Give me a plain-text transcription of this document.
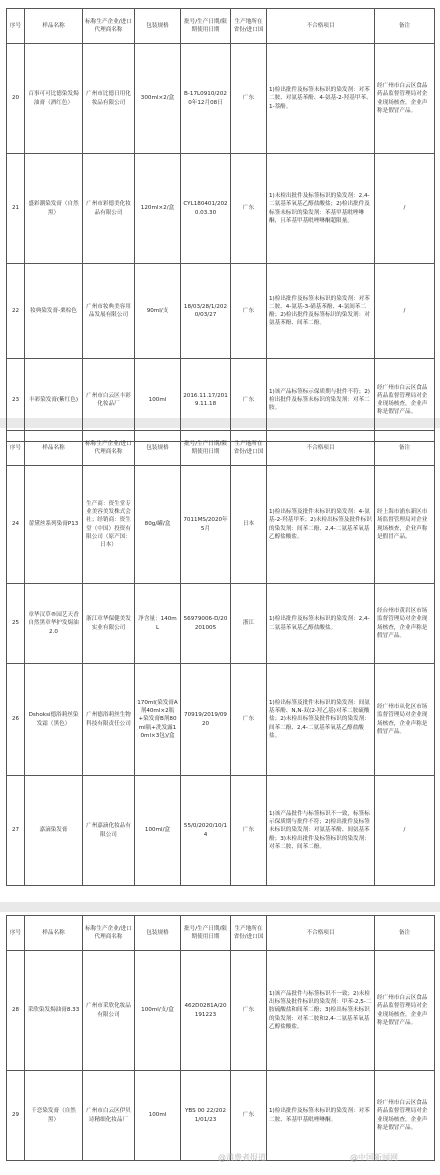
序号	样品名称	标称生产企业/进口代理商名称	包装规格	批号/生产日期/限期使用日期	生产地所在省份/进口国	不合格项目	备注
20	百事可可比德染发焗油膏（酒红色）	广州市比德日用化妆品有限公司	300ml×2/盒	B-17L0910/2020年12月08日	广东	1)检出批件及标签未标识的染发剂：对苯二胺、对氨基苯酚、4-氨基-2-羟基甲苯、1-萘酚。	经广州市白云区食品药品监督管理局对企业现场核查，企业声称是假冒产品。
21	盛彩潮染发膏（自然黑）	广州市彩德美化妆品有限公司	120ml×2/盒	CYL180401/2020.03.30	广东	1)未检出批件及标签标识的染发剂：2,4-二氨基苯氧基乙醇盐酸盐；2)检出批件及标签未标识的染发剂：苯基甲基吡唑啉酮，且苯基甲基吡唑啉酮超限量。	/
22	妆典染发膏-栗棕色	广州市妆典美容用品发展有限公司	90ml/支	18/03/28/1/2020/03/27	广东	1)检出批件及标签未标识的染发剂：对苯二胺、4-氨基-3-硝基苯酚、4-氯间苯二酚；2)检出批件及标签标识的染发剂：对氨基苯酚、间苯二酚。	/
23	丰彩染发膏(紫红色)	广州市白云区丰彩化妆品厂	100ml	2016.11.17/2019.11.18	广东	1)该产品标签标示保质期与批件不符；2)检出批件及标签未标识的染发剂：对苯二胺。	经广州市白云区食品药品监督管理局对企业现场核查，企业声称是假冒产品。
序号	样品名称	标称生产企业/进口代理商名称	包装规格	批号/生产日期/限期使用日期	生产地所在省份/进口国	不合格项目	备注
24	蕾黛丝系列染膏P13	生产商：资生堂专业美容美发株式会社；经销商：资生堂（中国）投资有限公司（原产国：日本）	80g/罐/盒	7011MS/2020年5月	日本	1)检出标签及批件未标识的染发剂：4-氨基-2-羟基甲苯；2)未检出标签及批件标识的染发剂：间苯二酚、2,4-二氨基苯氧基乙醇盐酸盐。	经上海市浦东新区市场监督管理局对企业现场核查，企业声称是假冒产品。
25	章华汉草®园艺天香自然黑章华护发焗油2.0	浙江章华保健美发实业有限公司	净含量：140mL	56979006-D/20201005	浙江	1)检出批件及标签未标识的染发剂：2,4-二氨基苯氧基乙醇盐酸盐。	经台州市黄岩区市场监督管理局对企业现场核查，企业声称是假冒产品。
26	Dshoksi德浴莉丝染发霜（黑色）	广州德浴莉丝生物科技有限责任公司	170ml(染发膏A剂40ml×2瓶+染发膏B剂80ml瓶+洗发露10ml×3包)/盒	70919/2019/0920	广东	1)检出标签及批件未标识的染发剂：间氨基苯酚、N,N-双(2-羟乙基)对苯二胺硫酸盐；2)未检出标签及批件标识的染发剂：间苯二酚、2,4-二氨基苯氧基乙醇盐酸盐。	经广州市从化区市场监督管理局对企业现场核查，企业声称是假冒产品。
27	嘉滴染发膏	广州嘉滴化妆品有限公司	100ml/盒	55/0/2020/10/14	广东	1)该产品批件与标签标识不一致，标签标示保质期与批件不符；2)检出批件及标签未标识的染发剂：对氨基苯酚、间氨基苯酚；3)未检出批件及标签标识的染发剂：对苯二胺、间苯二酚。	/
序号	样品名称	标称生产企业/进口代理商名称	包装规格	批号/生产日期/限期使用日期	生产地所在省份/进口国	不合格项目	备注
28	采欣染发焗油膏8.33	广州市采欣化妆品有限公司	100ml/支/盒	462D0281A/20191223	广东	1)该产品批件与标签标识不一致；2)未检出标签及批件标识的染发剂：甲苯-2,5-二胺硫酸盐和间苯二酚；3)检出标签未标识的染发剂：对苯二胺和2,4-二氨基苯氧基乙醇盐酸盐。	经广州市白云区食品药品监督管理局对企业现场核查，企业声称是假冒产品。
29	千恋染发膏（自然黑）	广州市白云区伊贝诗精细化妆品厂	100ml	YBS 00 22/2021/01/23	广东	1)检出批件及标签未标识的染发剂：对苯二胺、苯基甲基吡唑啉酮。	经广州市白云区食品药品监督管理局对企业现场核查，企业声称是假冒产品。
@消费者报道	@中国新闻网
